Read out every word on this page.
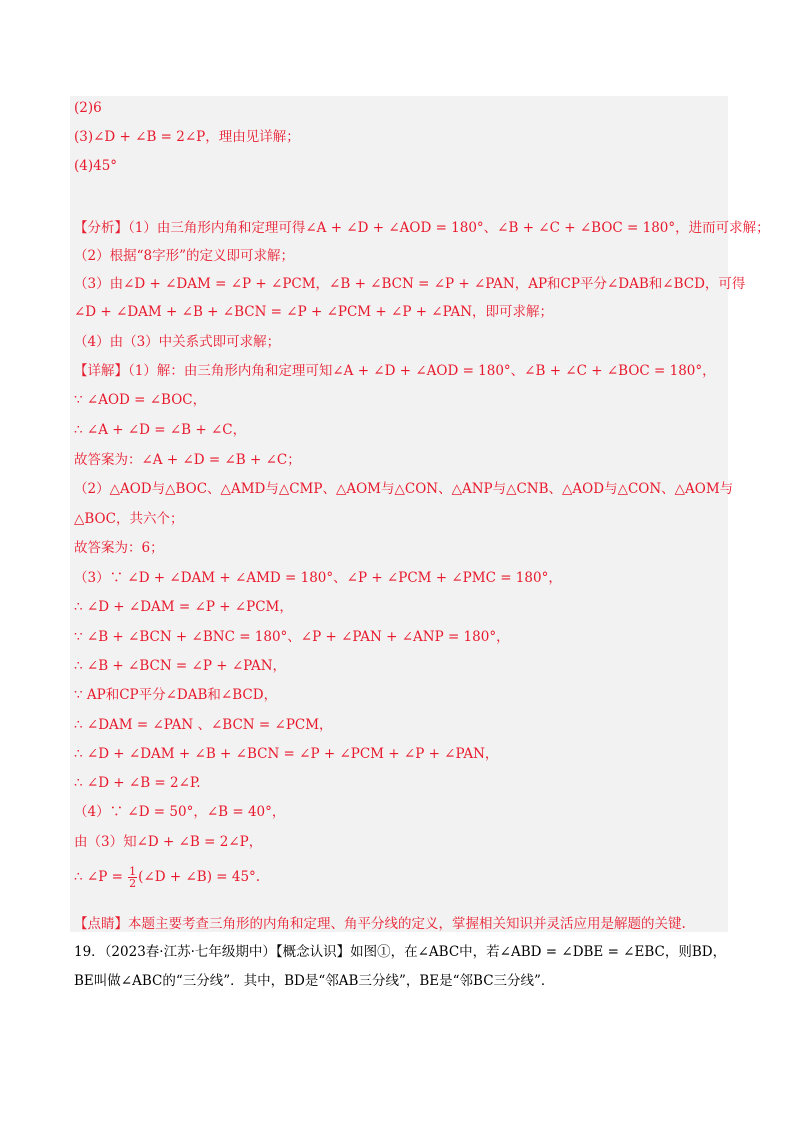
(2)6
(3)∠D + ∠B = 2∠P，理由见详解；
(4)45°
【分析】（1）由三角形内角和定理可得∠A + ∠D + ∠AOD = 180°、∠B + ∠C + ∠BOC = 180°，进而可求解；
（2）根据“8字形”的定义即可求解；
（3）由∠D + ∠DAM = ∠P + ∠PCM，∠B + ∠BCN = ∠P + ∠PAN，AP和CP平分∠DAB和∠BCD，可得
∠D + ∠DAM + ∠B + ∠BCN = ∠P + ∠PCM + ∠P + ∠PAN，即可求解；
（4）由（3）中关系式即可求解；
【详解】（1）解：由三角形内角和定理可知∠A + ∠D + ∠AOD = 180°、∠B + ∠C + ∠BOC = 180°，
∵ ∠AOD = ∠BOC，
∴ ∠A + ∠D = ∠B + ∠C，
故答案为：∠A + ∠D = ∠B + ∠C；
（2）△AOD与△BOC、△AMD与△CMP、△AOM与△CON、△ANP与△CNB、△AOD与△CON、△AOM与
△BOC，共六个；
故答案为：6；
（3）∵ ∠D + ∠DAM + ∠AMD = 180°、∠P + ∠PCM + ∠PMC = 180°，
∴ ∠D + ∠DAM = ∠P + ∠PCM，
∵ ∠B + ∠BCN + ∠BNC = 180°、∠P + ∠PAN + ∠ANP = 180°，
∴ ∠B + ∠BCN = ∠P + ∠PAN，
∵ AP和CP平分∠DAB和∠BCD，
∴ ∠DAM = ∠PAN 、∠BCN = ∠PCM，
∴ ∠D + ∠DAM + ∠B + ∠BCN = ∠P + ∠PCM + ∠P + ∠PAN，
∴ ∠D + ∠B = 2∠P.
（4）∵ ∠D = 50°，∠B = 40°，
由（3）知∠D + ∠B = 2∠P，
∴ ∠P = $\frac{1}{2}$ (∠D + ∠B) = 45°.
【点睛】本题主要考查三角形的内角和定理、角平分线的定义，掌握相关知识并灵活应用是解题的关键.
19．（2023春·江苏·七年级期中）【概念认识】如图①，在∠ABC中，若∠ABD = ∠DBE = ∠EBC，则BD，
BE叫做∠ABC的“三分线”．其中，BD是“邻AB三分线”，BE是“邻BC三分线”．
